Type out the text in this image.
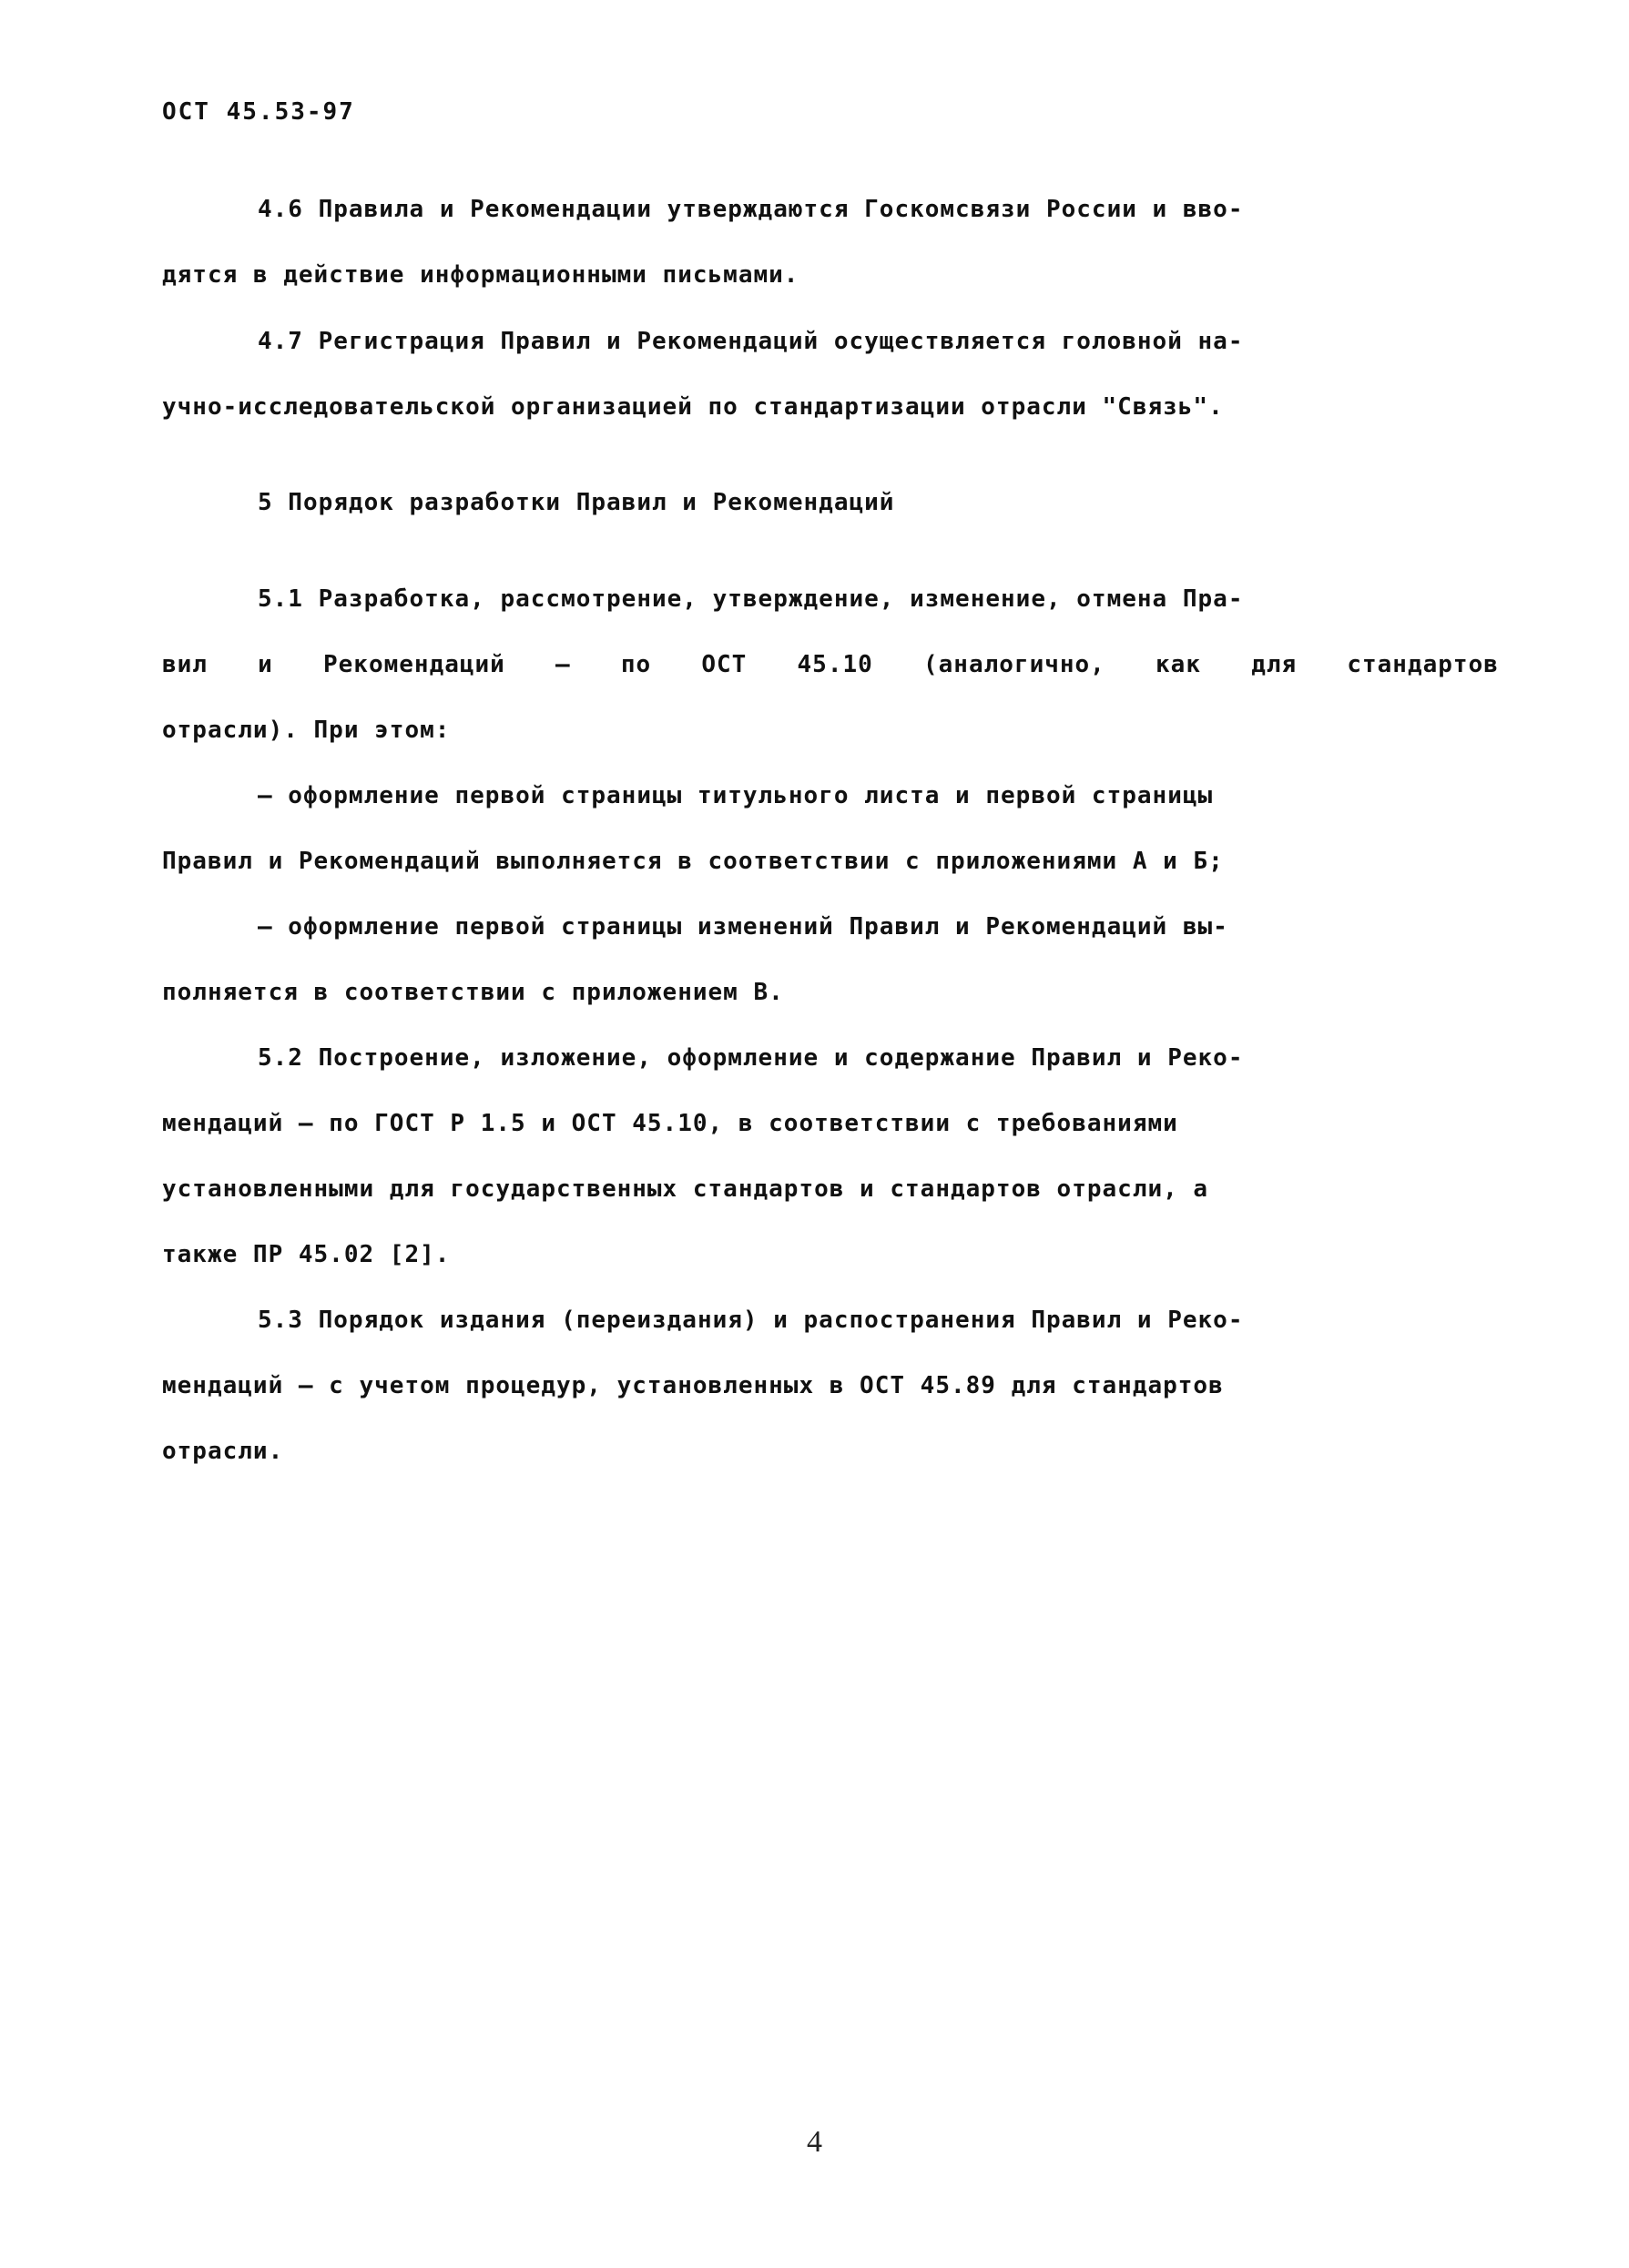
ОСТ 45.53-97
4.6 Правила и Рекомендации утверждаются Госкомсвязи России и вво-
дятся в действие информационными письмами.
4.7 Регистрация Правил и Рекомендаций осуществляется головной на-
учно-исследовательской организацией по стандартизации отрасли "Связь".
5 Порядок разработки Правил и Рекомендаций
5.1 Разработка, рассмотрение, утверждение, изменение, отмена Пра-
вил и Рекомендаций – по ОСТ 45.10 (аналогично, как для стандартов
отрасли). При этом:
– оформление первой страницы титульного листа и первой страницы
Правил и Рекомендаций выполняется в соответствии с приложениями А и Б;
– оформление первой страницы изменений Правил и Рекомендаций вы-
полняется в соответствии с приложением В.
5.2 Построение, изложение, оформление и содержание Правил и Реко-
мендаций – по ГОСТ Р 1.5 и ОСТ 45.10, в соответствии с требованиями
установленными для государственных стандартов и стандартов отрасли, а
также ПР 45.02 [2].
5.3 Порядок издания (переиздания) и распостранения Правил и Реко-
мендаций – с учетом процедур, установленных в ОСТ 45.89 для стандартов
отрасли.
4
